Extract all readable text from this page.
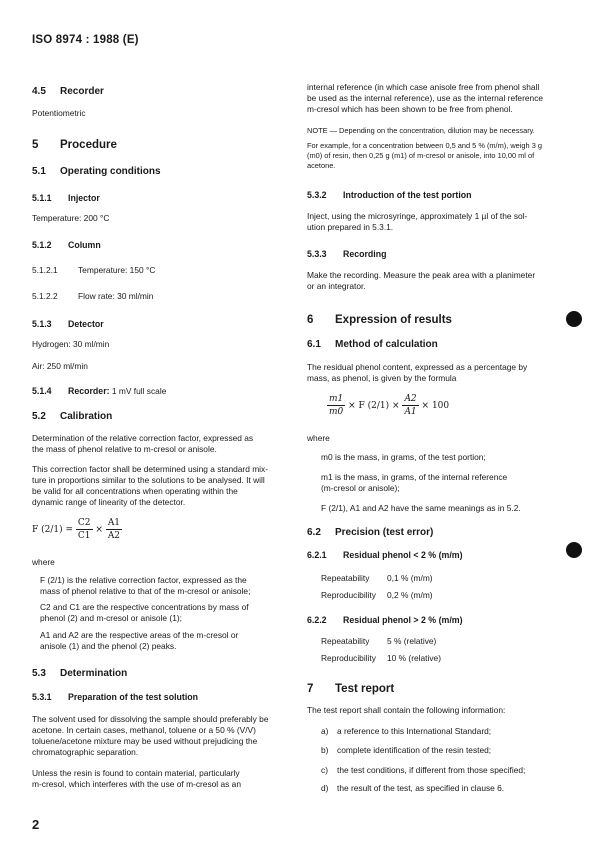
ISO 8974 : 1988 (E)
4.5 Recorder
Potentiometric
5 Procedure
5.1 Operating conditions
5.1.1 Injector
Temperature: 200 °C
5.1.2 Column
5.1.2.1 Temperature: 150 °C
5.1.2.2 Flow rate: 30 ml/min
5.1.3 Detector
Hydrogen: 30 ml/min
Air: 250 ml/min
5.1.4 Recorder: 1 mV full scale
5.2 Calibration
Determination of the relative correction factor, expressed as
the mass of phenol relative to m-cresol or anisole.
This correction factor shall be determined using a standard mix-
ture in proportions similar to the solutions to be analysed. It will
be valid for all concentrations when operating within the
dynamic range of linearity of the detector.
F $(2/1) = \frac{C2}{C1} \times \frac{A1}{A2}$
where
F (2/1) is the relative correction factor, expressed as the
mass of phenol relative to that of the m-cresol or anisole;
C2 and C1 are the respective concentrations by mass of
phenol (2) and m-cresol or anisole (1);
A1 and A2 are the respective areas of the m-cresol or
anisole (1) and the phenol (2) peaks.
5.3 Determination
5.3.1 Preparation of the test solution
The solvent used for dissolving the sample should preferably be
acetone. In certain cases, methanol, toluene or a 50 % (V/V)
toluene/acetone mixture may be used without prejudicing the
chromatographic separation.
Unless the resin is found to contain material, particularly
m-cresol, which interferes with the use of m-cresol as an
internal reference (in which case anisole free from phenol shall
be used as the internal reference), use as the internal reference
m-cresol which has been shown to be free from phenol.
NOTE — Depending on the concentration, dilution may be necessary.
For example, for a concentration between 0,5 and 5 % (m/m), weigh 3 g
(m0) of resin, then 0,25 g (m1) of m-cresol or anisole, into 10,00 ml of
acetone.
5.3.2 Introduction of the test portion
Inject, using the microsyringe, approximately 1 µl of the sol-
ution prepared in 5.3.1.
5.3.3 Recording
Make the recording. Measure the peak area with a planimeter
or an integrator.
6 Expression of results
6.1 Method of calculation
The residual phenol content, expressed as a percentage by
mass, as phenol, is given by the formula
$\frac{m1}{m0} \times F$ $(2/1) \times \frac{A2}{A1} \times 100$
where
m0 is the mass, in grams, of the test portion;
m1 is the mass, in grams, of the internal reference
(m-cresol or anisole);
F (2/1), A1 and A2 have the same meanings as in 5.2.
6.2 Precision (test error)
6.2.1 Residual phenol < 2 % (m/m)
Repeatability 0,1 % (m/m)
Reproducibility 0,2 % (m/m)
6.2.2 Residual phenol > 2 % (m/m)
Repeatability 5 % (relative)
Reproducibility 10 % (relative)
7 Test report
The test report shall contain the following information:
a) a reference to this International Standard;
b) complete identification of the resin tested;
c) the test conditions, if different from those specified;
d) the result of the test, as specified in clause 6.
2
